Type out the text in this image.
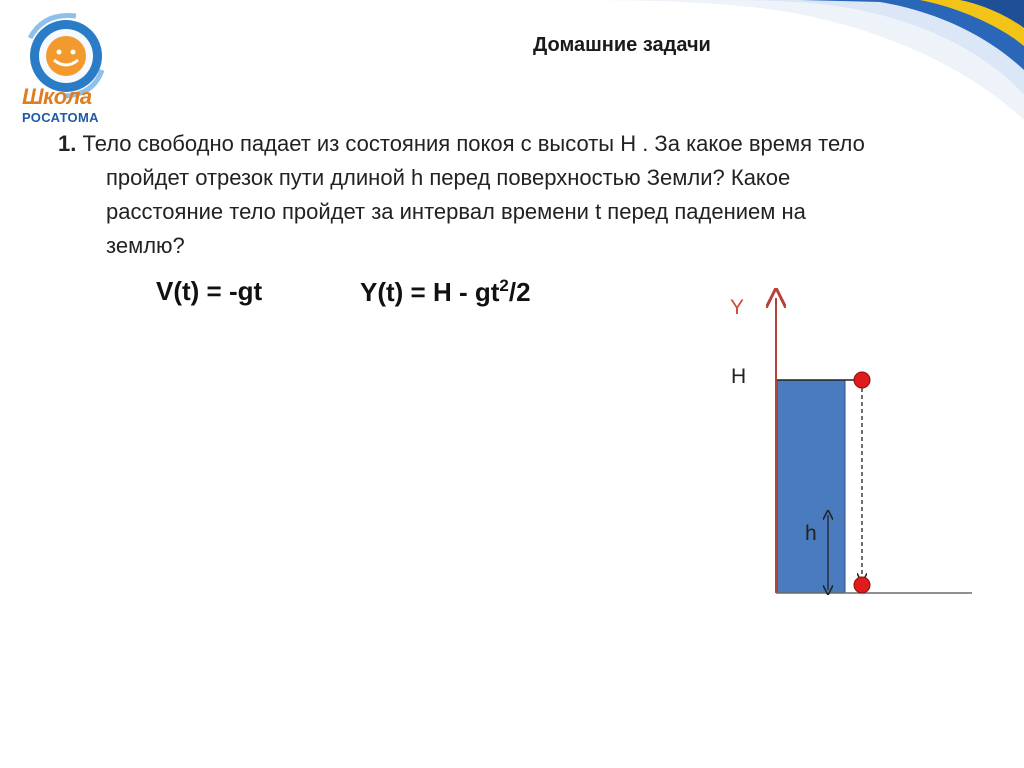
Школа
РОСАТОМА
Домашние задачи
1. Тело свободно падает из состояния покоя с высоты H . За какое время тело
пройдет отрезок пути длиной h перед поверхностью Земли? Какое
расстояние тело пройдет за интервал времени t перед падением на
землю?
V(t) = -gt	$Y(t) = H - gt^2/2$
Y
H
h
